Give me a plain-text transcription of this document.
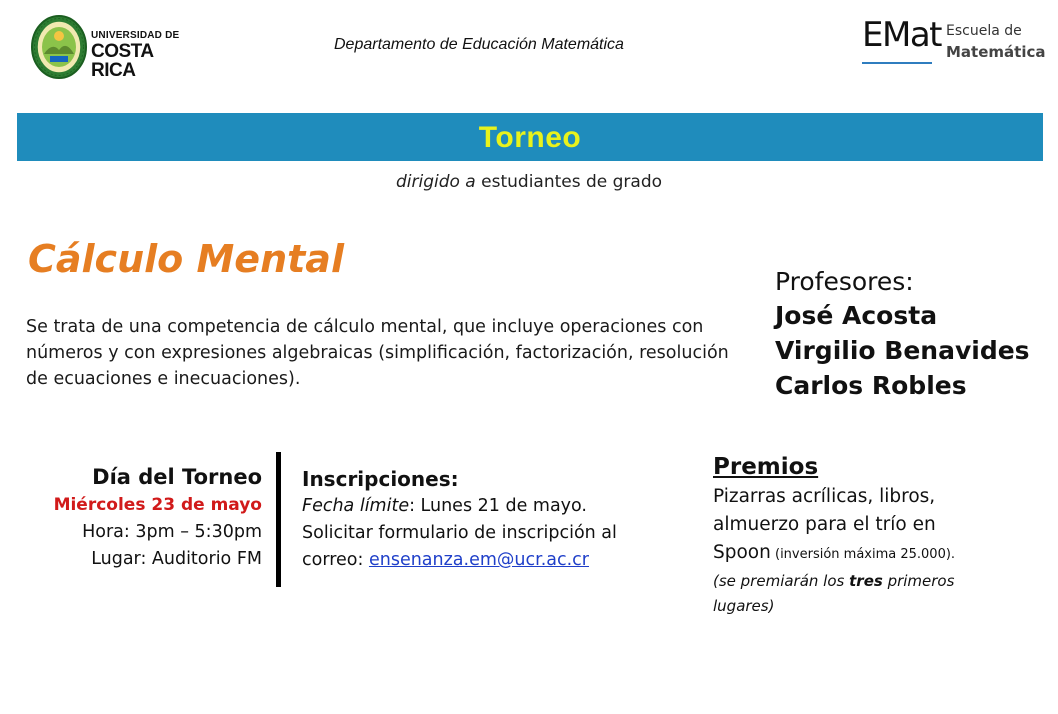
UNIVERSIDAD DE
COSTA RICA
Departamento de Educación Matemática	EMat Escuela de
Matemática
Torneo
dirigido a estudiantes de grado
Cálculo Mental
Se trata de una competencia de cálculo mental, que incluye operaciones con números y con expresiones algebraicas (simplificación, factorización, resolución de ecuaciones e inecuaciones).
Profesores:
José Acosta
Virgilio Benavides
Carlos Robles
Día del Torneo
Miércoles 23 de mayo
Hora: 3pm – 5:30pm
Lugar: Auditorio FM
Inscripciones:
Fecha límite: Lunes 21 de mayo.
Solicitar formulario de inscripción al
correo: ensenanza.em@ucr.ac.cr
Premios
Pizarras acrílicas, libros,
almuerzo para el trío en
Spoon (inversión máxima 25.000).
(se premiarán los tres primeros
lugares)
